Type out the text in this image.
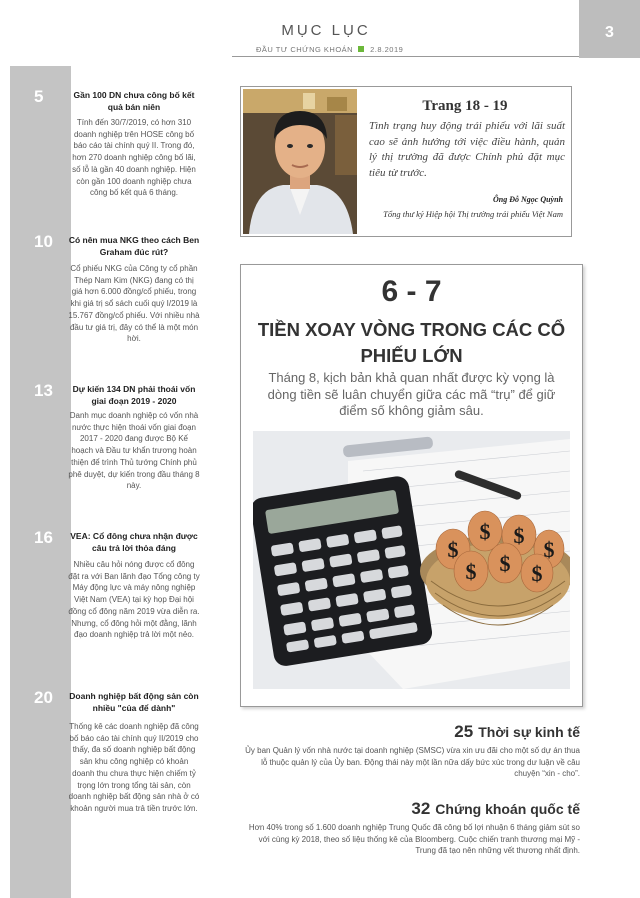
MỤC LỤC
ĐẦU TƯ CHỨNG KHOÁN 2.8.2019
3
5	Gần 100 DN chưa công bố kết quả bán niên
Tính đến 30/7/2019, có hơn 310 doanh nghiệp trên HOSE công bố báo cáo tài chính quý II. Trong đó, hơn 270 doanh nghiệp công bố lãi, số lỗ là gần 40 doanh nghiệp. Hiện còn gần 100 doanh nghiệp chưa công bố kết quả 6 tháng.
10 Có nên mua NKG theo cách Ben Graham đúc rút?
Cổ phiếu NKG của Công ty cổ phần Thép Nam Kim (NKG) đang có thị giá hơn 6.000 đồng/cổ phiếu, trong khi giá trị sổ sách cuối quý I/2019 là 15.767 đồng/cổ phiếu. Với nhiều nhà đầu tư giá trị, đây có thể là một món hời.
13	Dự kiến 134 DN phải thoái vốn giai đoạn 2019 - 2020
Danh mục doanh nghiệp có vốn nhà nước thực hiện thoái vốn giai đoạn 2017 - 2020 đang được Bộ Kế hoạch và Đầu tư khẩn trương hoàn thiện để trình Thủ tướng Chính phủ phê duyệt, dự kiến trong đầu tháng 8 này.
16 VEA: Cổ đông chưa nhận được câu trả lời thỏa đáng
Nhiều câu hỏi nóng được cổ đông đặt ra với Ban lãnh đạo Tổng công ty Máy động lực và máy nông nghiệp Việt Nam (VEA) tại kỳ họp Đại hội đồng cổ đông năm 2019 vừa diễn ra. Nhưng, cổ đông hỏi một đằng, lãnh đạo doanh nghiệp trả lời một nẻo.
20 Doanh nghiệp bất động sản còn nhiều "của để dành"
Thống kê các doanh nghiệp đã công bố báo cáo tài chính quý II/2019 cho thấy, đa số doanh nghiệp bất động sản khu công nghiệp có khoản doanh thu chưa thực hiện chiếm tỷ trọng lớn trong tổng tài sản, còn doanh nghiệp bất động sản nhà ở có khoản người mua trả tiền trước lớn.
Trang 18 - 19
Tình trạng huy động trái phiếu với lãi suất cao sẽ ảnh hưởng tới việc điều hành, quản lý thị trường đã được Chính phủ đặt mục tiêu từ trước.
Ông Đỗ Ngọc Quỳnh
Tổng thư ký Hiệp hội Thị trường trái phiếu Việt Nam
6 - 7
TIỀN XOAY VÒNG TRONG CÁC CỔ PHIẾU LỚN
Tháng 8, kịch bản khả quan nhất được kỳ vọng là dòng tiền sẽ luân chuyển giữa các mã “trụ” để giữ điểm số không giảm sâu.
$
$ $
$
$ $ $
25 Thời sự kinh tế
Ủy ban Quản lý vốn nhà nước tại doanh nghiệp (SMSC) vừa xin ưu đãi cho một số dự án thua lỗ thuộc quản lý của Ủy ban. Động thái này một lần nữa dấy bức xúc trong dư luận về câu chuyện “xin - cho”.
32 Chứng khoán quốc tế
Hơn 40% trong số 1.600 doanh nghiệp Trung Quốc đã công bố lợi nhuận 6 tháng giảm sút so với cùng kỳ 2018, theo số liệu thống kê của Bloomberg. Cuộc chiến tranh thương mại Mỹ - Trung đã tạo nên những vết thương nhất định.
